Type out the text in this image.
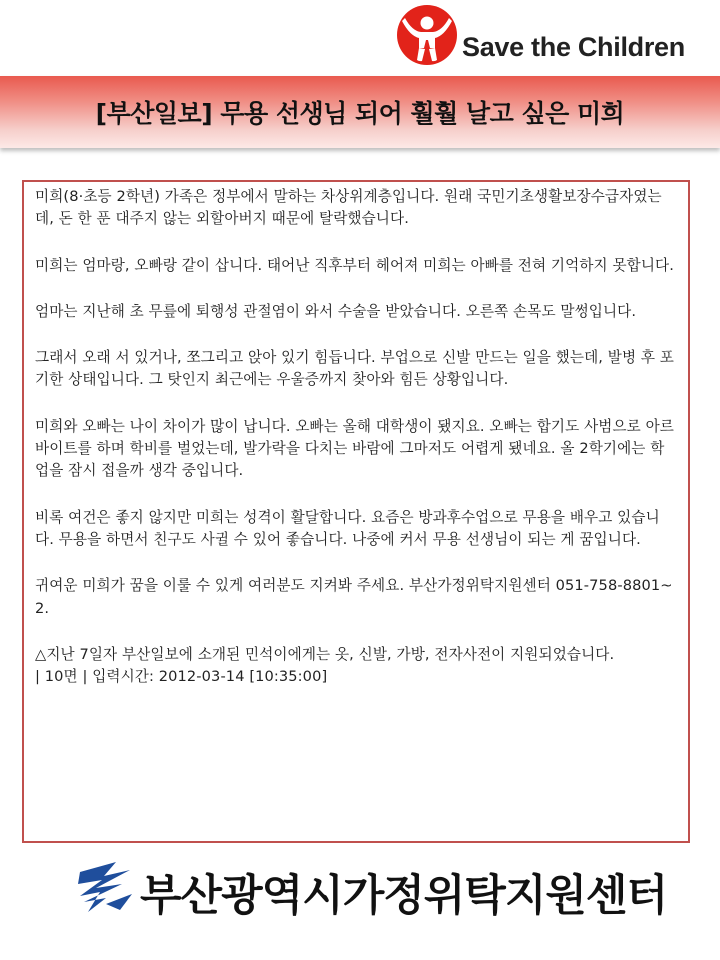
Save the Children
[부산일보] 무용 선생님 되어 훨훨 날고 싶은 미희

미희(8·초등 2학년) 가족은 정부에서 말하는 차상위계층입니다. 원래 국민기초생활보장수급자였는데, 돈 한 푼 대주지 않는 외할아버지 때문에 탈락했습니다.

미희는 엄마랑, 오빠랑 같이 삽니다. 태어난 직후부터 헤어져 미희는 아빠를 전혀 기억하지 못합니다.

엄마는 지난해 초 무릎에 퇴행성 관절염이 와서 수술을 받았습니다. 오른쪽 손목도 말썽입니다.

그래서 오래 서 있거나, 쪼그리고 앉아 있기 힘듭니다. 부업으로 신발 만드는 일을 했는데, 발병 후 포기한 상태입니다. 그 탓인지 최근에는 우울증까지 찾아와 힘든 상황입니다.

미희와 오빠는 나이 차이가 많이 납니다. 오빠는 올해 대학생이 됐지요. 오빠는 합기도 사범으로 아르바이트를 하며 학비를 벌었는데, 발가락을 다치는 바람에 그마저도 어렵게 됐네요. 올 2학기에는 학업을 잠시 접을까 생각 중입니다.

비록 여건은 좋지 않지만 미희는 성격이 활달합니다. 요즘은 방과후수업으로 무용을 배우고 있습니다. 무용을 하면서 친구도 사귈 수 있어 좋습니다. 나중에 커서 무용 선생님이 되는 게 꿈입니다.

귀여운 미희가 꿈을 이룰 수 있게 여러분도 지켜봐 주세요. 부산가정위탁지원센터 051-758-8801~2.

△지난 7일자 부산일보에 소개된 민석이에게는 옷, 신발, 가방, 전자사전이 지원되었습니다.

| 10면 | 입력시간: 2012-03-14 [10:35:00]
부산광역시가정위탁지원센터
